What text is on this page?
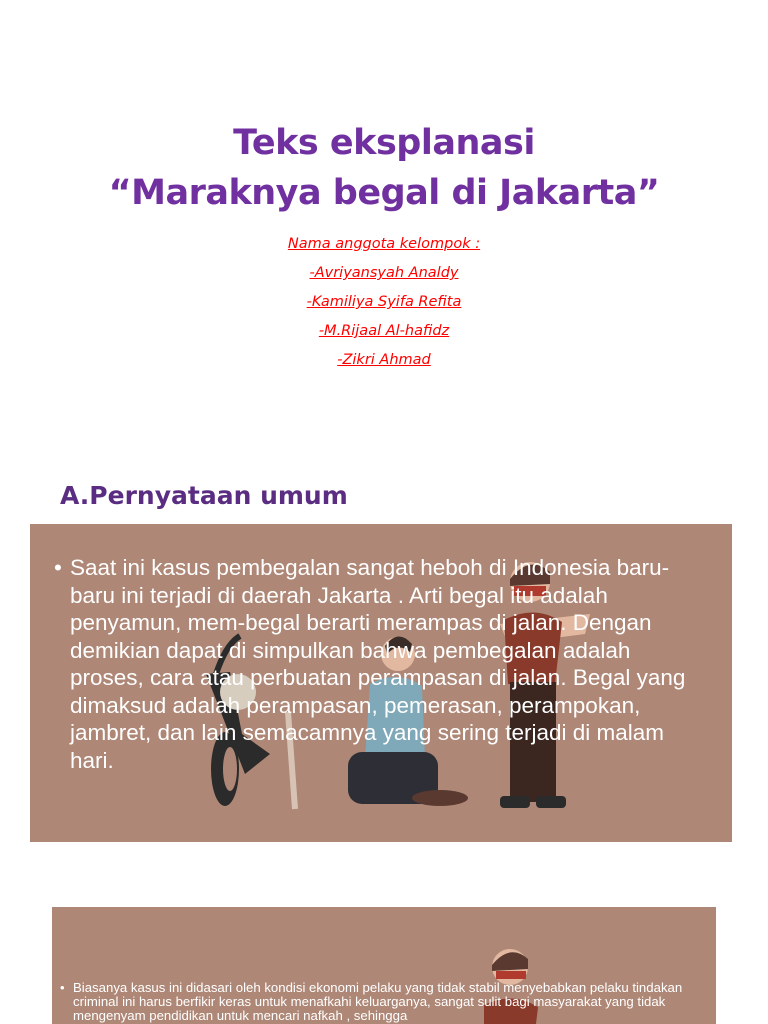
Teks eksplanasi
“Maraknya begal di Jakarta”
Nama anggota kelompok :
-Avriyansyah Analdy
-Kamiliya Syifa Refita
-M.Rijaal Al-hafidz
-Zikri Ahmad
A.Pernyataan umum
• Saat ini kasus pembegalan sangat heboh di Indonesia baru-baru ini terjadi di daerah Jakarta . Arti begal itu adalah penyamun, mem-begal berarti merampas di jalan. Dengan demikian dapat di simpulkan bahwa pembegalan adalah proses, cara atau perbuatan perampasan di jalan. Begal yang dimaksud adalah perampasan, pemerasan, perampokan, jambret, dan lain semacamnya yang sering terjadi di malam hari.
• Biasanya kasus ini didasari oleh kondisi ekonomi pelaku yang tidak stabil menyebabkan pelaku tindakan criminal ini harus berfikir keras untuk menafkahi keluarganya, sangat sulit bagi masyarakat yang tidak mengenyam pendidikan untuk mencari nafkah , sehingga
